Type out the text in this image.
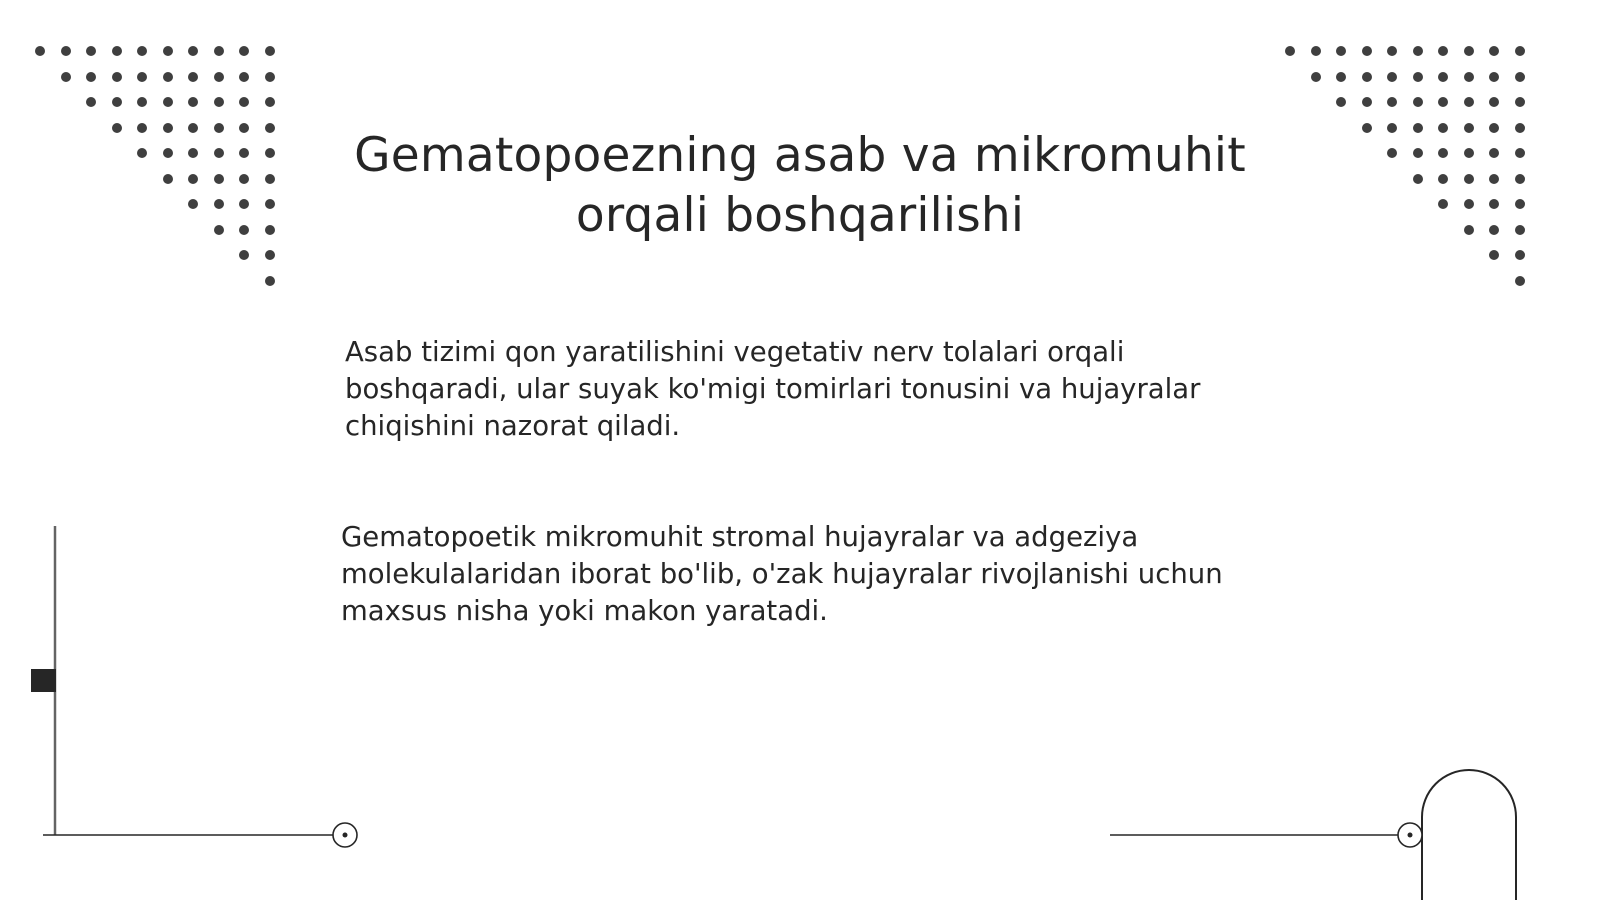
Gematopoezning asab va mikromuhit orqali boshqarilishi

Asab tizimi qon yaratilishini vegetativ nerv tolalari orqali boshqaradi, ular suyak ko'migi tomirlari tonusini va hujayralar chiqishini nazorat qiladi.

Gematopoetik mikromuhit stromal hujayralar va adgeziya molekulalaridan iborat bo'lib, o'zak hujayralar rivojlanishi uchun maxsus nisha yoki makon yaratadi.
